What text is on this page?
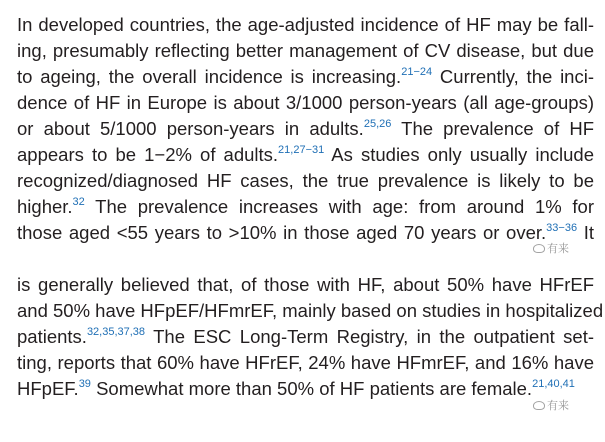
In developed countries, the age-adjusted incidence of HF may be fall-
ing, presumably reflecting better management of CV disease, but due
to ageing, the overall incidence is increasing.$^{21-24}$ Currently, the inci-
dence of HF in Europe is about 3/1000 person-years (all age-groups)
or about 5/1000 person-years in adults.$^{25,26}$ The prevalence of HF
appears to be 1−2% of adults.$^{21,27-31}$ As studies only usually include
recognized/diagnosed HF cases, the true prevalence is likely to be
higher.$^{32}$ The prevalence increases with age: from around 1% for
those aged <55 years to >10% in those aged 70 years or over.$^{33-36}$ It
is generally believed that, of those with HF, about 50% have HFrEF
and 50% have HFpEF/HFmrEF, mainly based on studies in hospitalized
patients.$^{32,35,37,38}$ The ESC Long-Term Registry, in the outpatient set-
ting, reports that 60% have HFrEF, 24% have HFmrEF, and 16% have
HFpEF.$^{39}$ Somewhat more than 50% of HF patients are female.$^{21,40,41}$
有来
有来
